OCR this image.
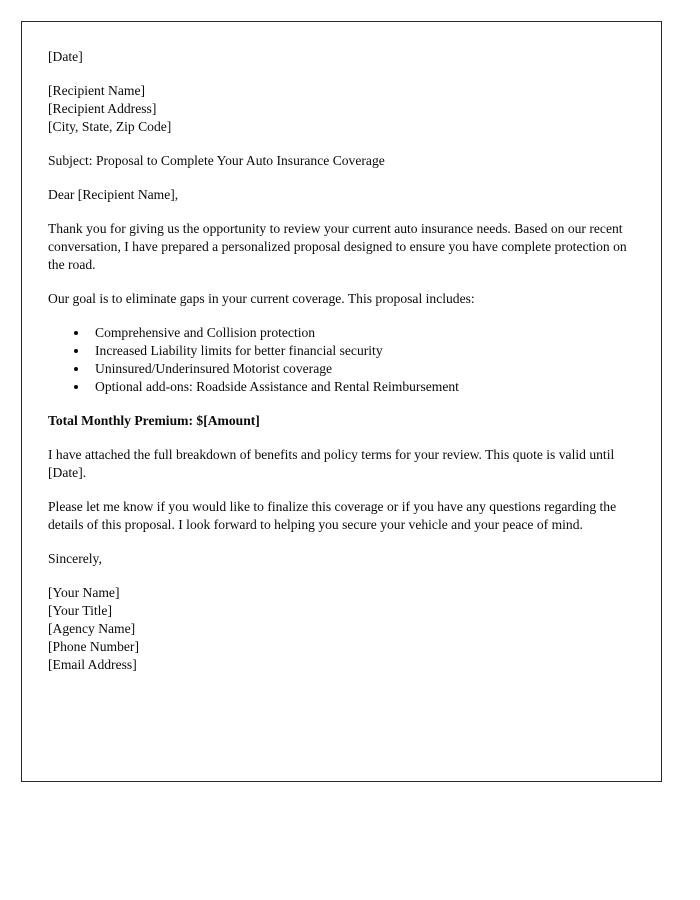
[Date]
[Recipient Name]
[Recipient Address]
[City, State, Zip Code]

Subject: Proposal to Complete Your Auto Insurance Coverage

Dear [Recipient Name],

Thank you for giving us the opportunity to review your current auto insurance needs. Based on our recent conversation, I have prepared a personalized proposal designed to ensure you have complete protection on the road.

Our goal is to eliminate gaps in your current coverage. This proposal includes:

Comprehensive and Collision protection
Increased Liability limits for better financial security
Uninsured/Underinsured Motorist coverage
Optional add-ons: Roadside Assistance and Rental Reimbursement

Total Monthly Premium: $[Amount]

I have attached the full breakdown of benefits and policy terms for your review. This quote is valid until [Date].

Please let me know if you would like to finalize this coverage or if you have any questions regarding the details of this proposal. I look forward to helping you secure your vehicle and your peace of mind.

Sincerely,

[Your Name]
[Your Title]
[Agency Name]
[Phone Number]
[Email Address]
